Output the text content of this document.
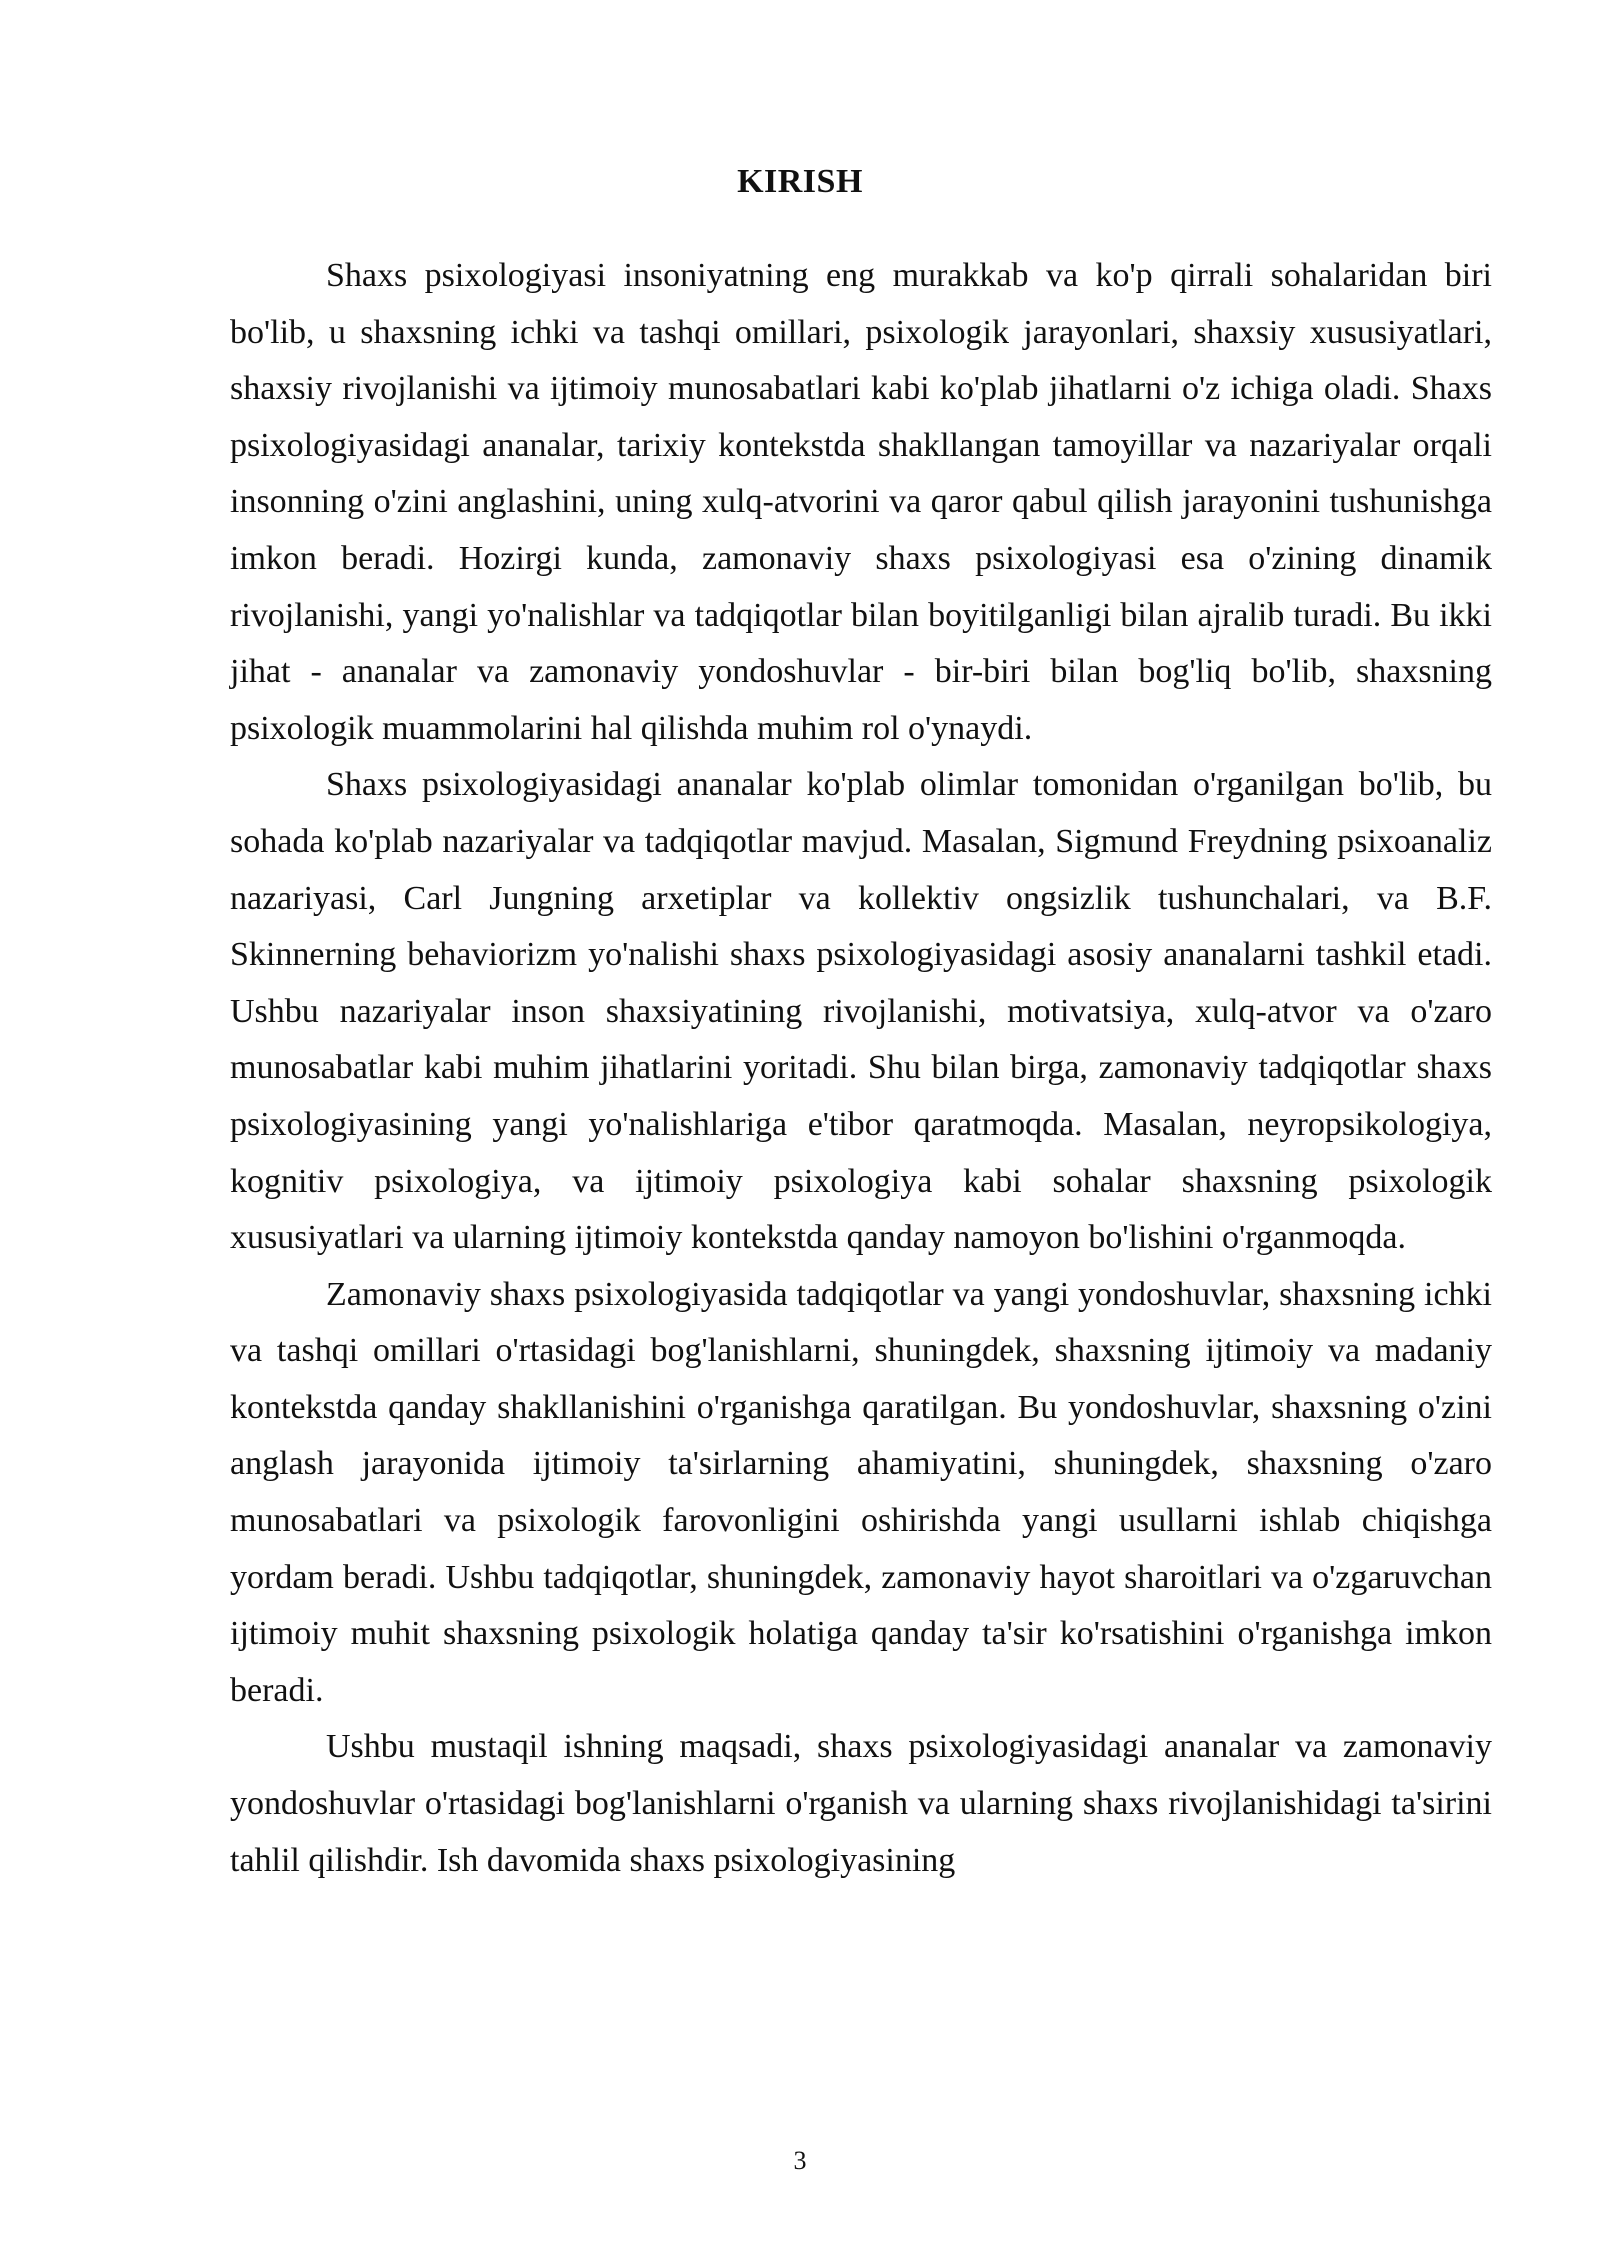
KIRISH

Shaxs psixologiyasi insoniyatning eng murakkab va ko'p qirrali sohalaridan biri bo'lib, u shaxsning ichki va tashqi omillari, psixologik jarayonlari, shaxsiy xususiyatlari, shaxsiy rivojlanishi va ijtimoiy munosabatlari kabi ko'plab jihatlarni o'z ichiga oladi. Shaxs psixologiyasidagi ananalar, tarixiy kontekstda shakllangan tamoyillar va nazariyalar orqali insonning o'zini anglashini, uning xulq-atvorini va qaror qabul qilish jarayonini tushunishga imkon beradi. Hozirgi kunda, zamonaviy shaxs psixologiyasi esa o'zining dinamik rivojlanishi, yangi yo'nalishlar va tadqiqotlar bilan boyitilganligi bilan ajralib turadi. Bu ikki jihat - ananalar va zamonaviy yondoshuvlar - bir-biri bilan bog'liq bo'lib, shaxsning psixologik muammolarini hal qilishda muhim rol o'ynaydi.

Shaxs psixologiyasidagi ananalar ko'plab olimlar tomonidan o'rganilgan bo'lib, bu sohada ko'plab nazariyalar va tadqiqotlar mavjud. Masalan, Sigmund Freydning psixoanaliz nazariyasi, Carl Jungning arxetiplar va kollektiv ongsizlik tushunchalari, va B.F. Skinnerning behaviorizm yo'nalishi shaxs psixologiyasidagi asosiy ananalarni tashkil etadi. Ushbu nazariyalar inson shaxsiyatining rivojlanishi, motivatsiya, xulq-atvor va o'zaro munosabatlar kabi muhim jihatlarini yoritadi. Shu bilan birga, zamonaviy tadqiqotlar shaxs psixologiyasining yangi yo'nalishlariga e'tibor qaratmoqda. Masalan, neyropsikologiya, kognitiv psixologiya, va ijtimoiy psixologiya kabi sohalar shaxsning psixologik xususiyatlari va ularning ijtimoiy kontekstda qanday namoyon bo'lishini o'rganmoqda.

Zamonaviy shaxs psixologiyasida tadqiqotlar va yangi yondoshuvlar, shaxsning ichki va tashqi omillari o'rtasidagi bog'lanishlarni, shuningdek, shaxsning ijtimoiy va madaniy kontekstda qanday shakllanishini o'rganishga qaratilgan. Bu yondoshuvlar, shaxsning o'zini anglash jarayonida ijtimoiy ta'sirlarning ahamiyatini, shuningdek, shaxsning o'zaro munosabatlari va psixologik farovonligini oshirishda yangi usullarni ishlab chiqishga yordam beradi. Ushbu tadqiqotlar, shuningdek, zamonaviy hayot sharoitlari va o'zgaruvchan ijtimoiy muhit shaxsning psixologik holatiga qanday ta'sir ko'rsatishini o'rganishga imkon beradi.

Ushbu mustaqil ishning maqsadi, shaxs psixologiyasidagi ananalar va zamonaviy yondoshuvlar o'rtasidagi bog'lanishlarni o'rganish va ularning shaxs rivojlanishidagi ta'sirini tahlil qilishdir. Ish davomida shaxs psixologiyasining

3
